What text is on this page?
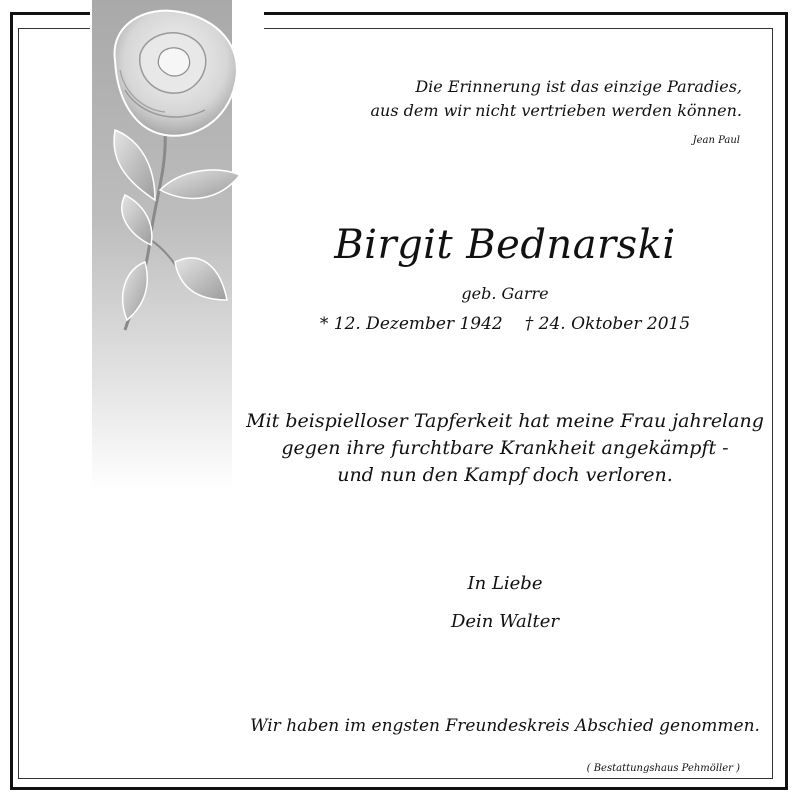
Die Erinnerung ist das einzige Paradies,
aus dem wir nicht vertrieben werden können.
Jean Paul
Birgit Bednarski
geb. Garre
* 12. Dezember 1942 † 24. Oktober 2015
Mit beispielloser Tapferkeit hat meine Frau jahrelang
gegen ihre furchtbare Krankheit angekämpft -
und nun den Kampf doch verloren.
In Liebe
Dein Walter
Wir haben im engsten Freundeskreis Abschied genommen.
( Bestattungshaus Pehmöller )
